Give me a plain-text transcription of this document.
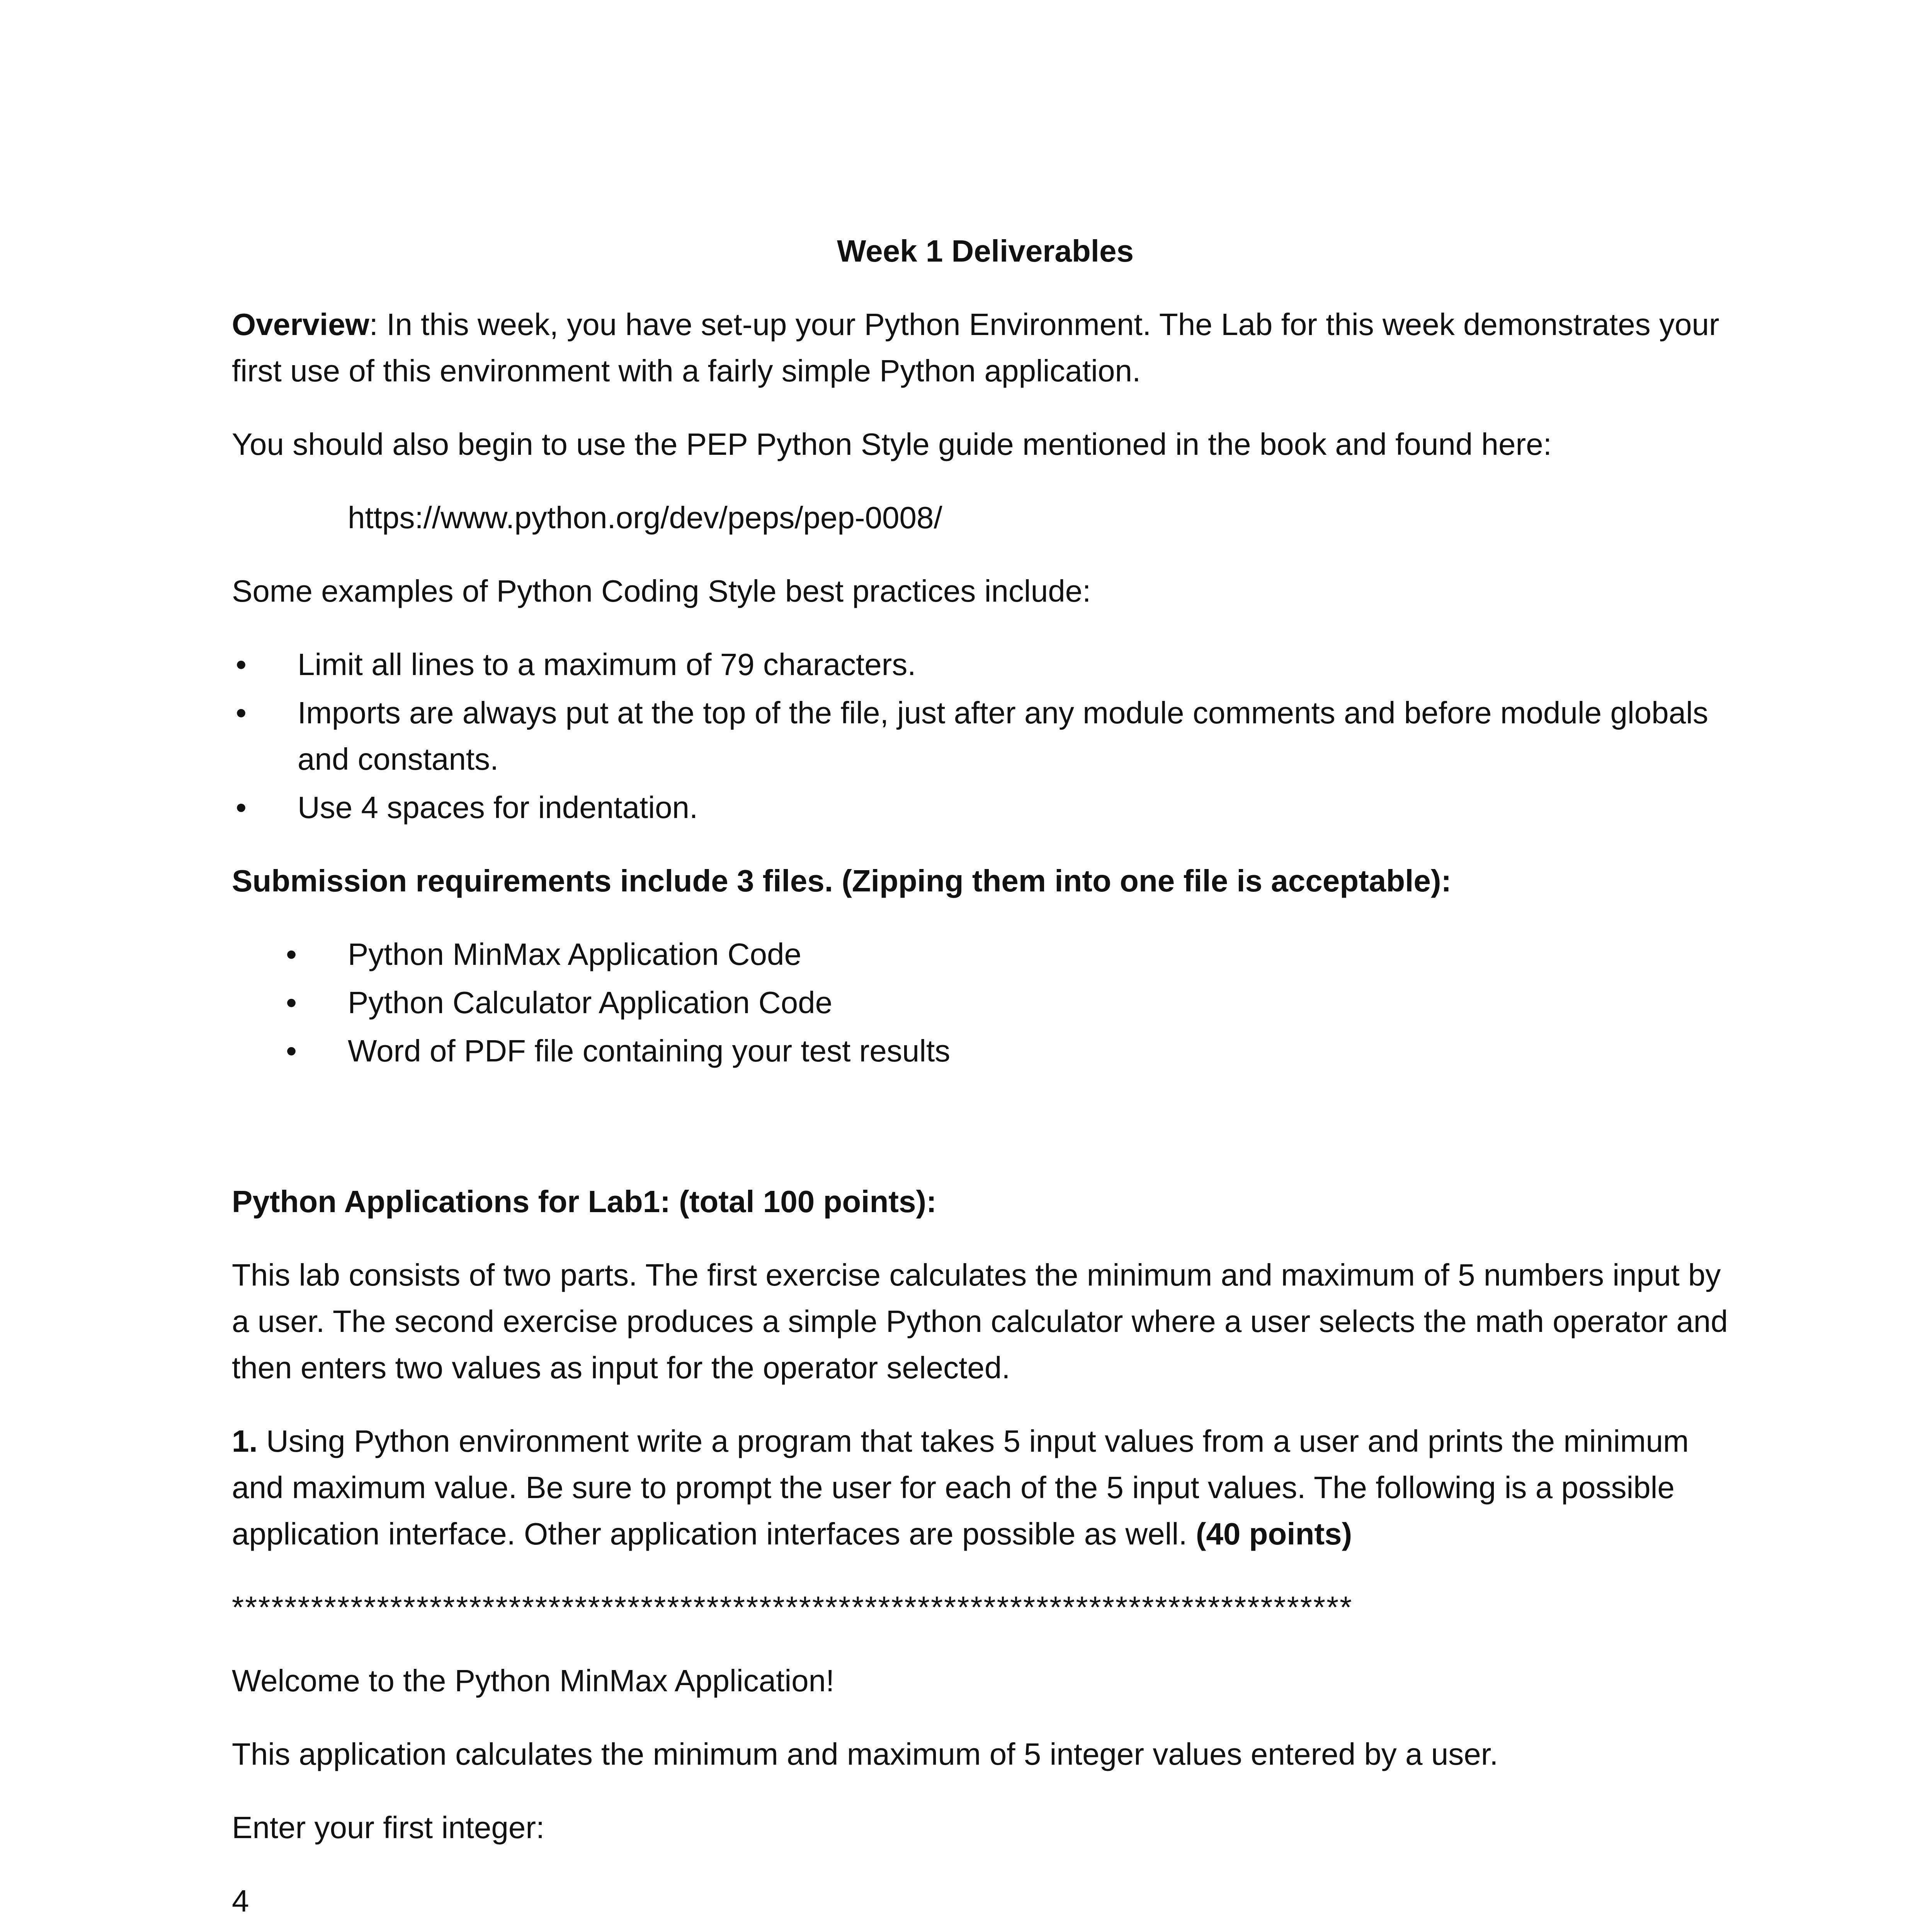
Week 1 Deliverables

Overview: In this week, you have set-up your Python Environment. The Lab for this week demonstrates your first use of this environment with a fairly simple Python application.

You should also begin to use the PEP Python Style guide mentioned in the book and found here:

https://www.python.org/dev/peps/pep-0008/

Some examples of Python Coding Style best practices include:

• Limit all lines to a maximum of 79 characters.
• Imports are always put at the top of the file, just after any module comments and before module globals and constants.
• Use 4 spaces for indentation.

Submission requirements include 3 files. (Zipping them into one file is acceptable):

• Python MinMax Application Code
• Python Calculator Application Code
• Word of PDF file containing your test results

Python Applications for Lab1: (total 100 points):

This lab consists of two parts. The first exercise calculates the minimum and maximum of 5 numbers input by a user. The second exercise produces a simple Python calculator where a user selects the math operator and then enters two values as input for the operator selected.

1. Using Python environment write a program that takes 5 input values from a user and prints the minimum and maximum value. Be sure to prompt the user for each of the 5 input values. The following is a possible application interface. Other application interfaces are possible as well. (40 points)

*************************************************************************************

Welcome to the Python MinMax Application!

This application calculates the minimum and maximum of 5 integer values entered by a user.

Enter your first integer:

4
